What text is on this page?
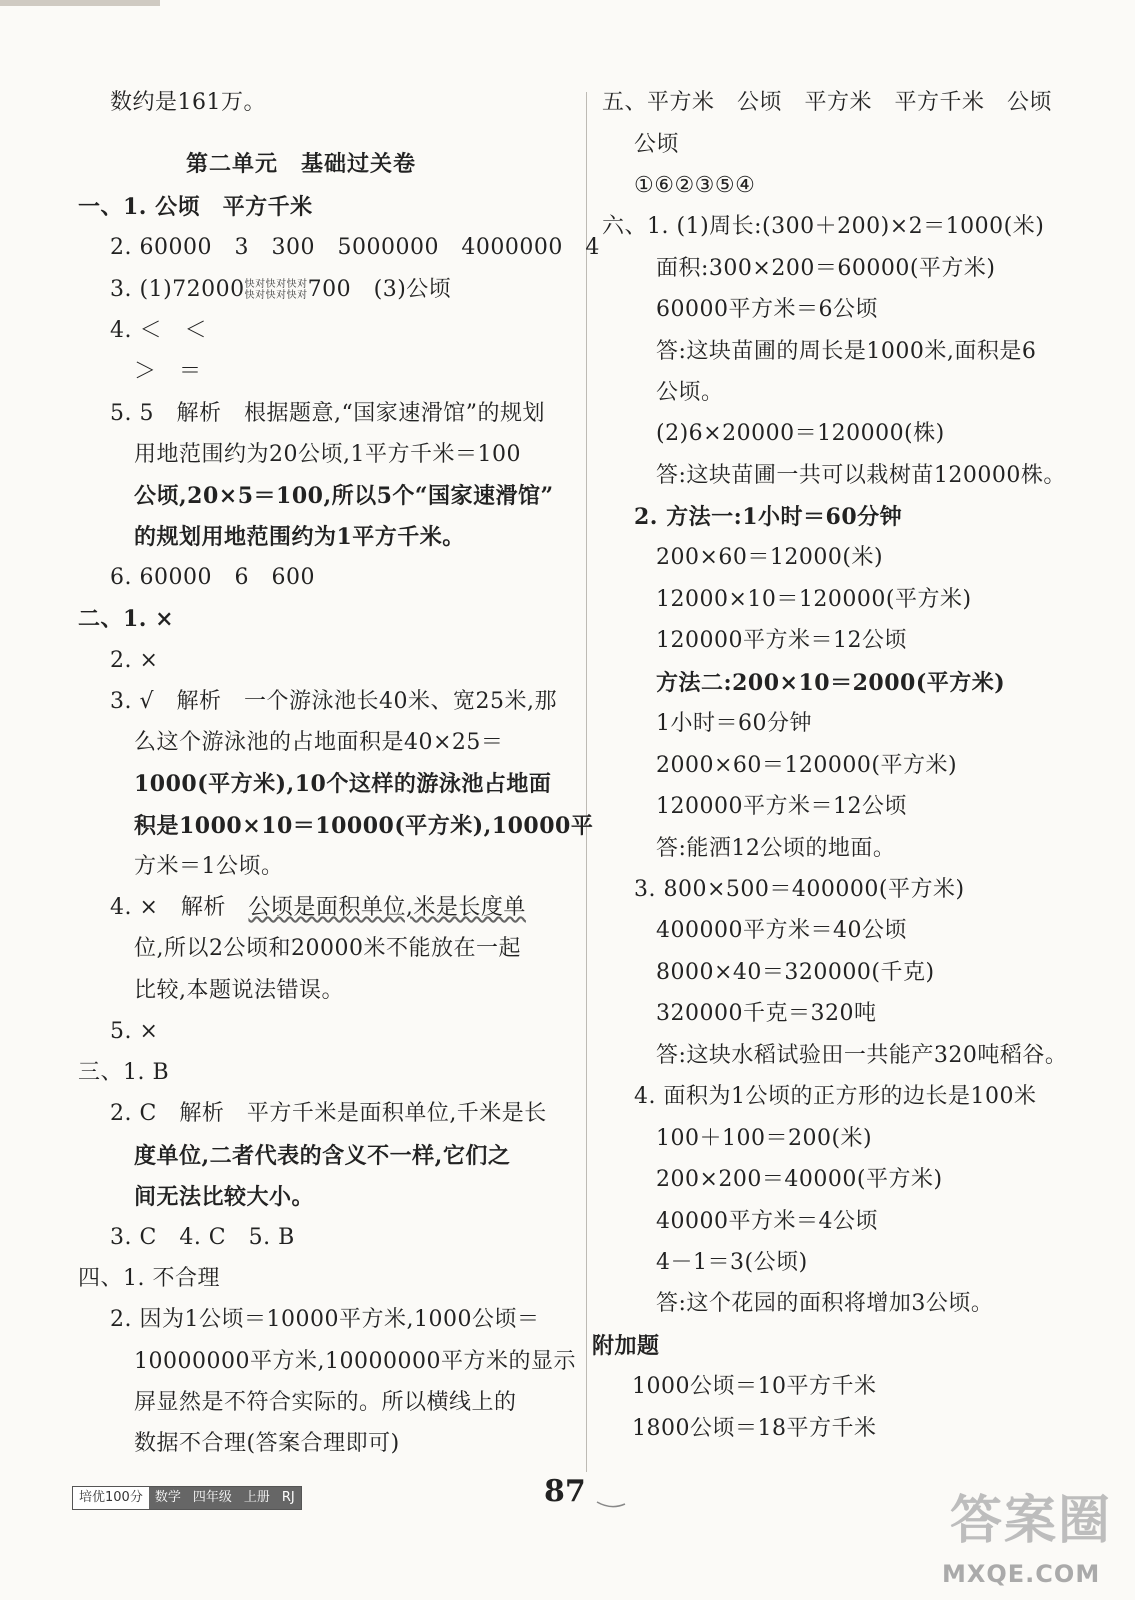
数约是161万。
第二单元　基础过关卷
一、1. 公顷　平方千米
2. 60000　3　300　5000000　4000000　4
3. (1)72000快对快对快对
快对快对快对700　(3)公顷
4. ＜　＜
＞　＝
5. 5　解析　根据题意,“国家速滑馆”的规划
用地范围约为20公顷,1平方千米＝100
公顷,20×5＝100,所以5个“国家速滑馆”
的规划用地范围约为1平方千米。
6. 60000　6　600
二、1. ×
2. ×
3. √　解析　一个游泳池长40米、宽25米,那
么这个游泳池的占地面积是40×25＝
1000(平方米),10个这样的游泳池占地面
积是1000×10＝10000(平方米),10000平
方米＝1公顷。
4. ×　解析　公顷是面积单位,米是长度单
位,所以2公顷和20000米不能放在一起
比较,本题说法错误。
5. ×
三、1. B
2. C　解析　平方千米是面积单位,千米是长
度单位,二者代表的含义不一样,它们之
间无法比较大小。
3. C　4. C　5. B
四、1. 不合理
2. 因为1公顷＝10000平方米,1000公顷＝
10000000平方米,10000000平方米的显示
屏显然是不符合实际的。所以横线上的
数据不合理(答案合理即可)
五、平方米　公顷　平方米　平方千米　公顷
公顷
①⑥②③⑤④
六、1. (1)周长:(300＋200)×2＝1000(米)
面积:300×200＝60000(平方米)
60000平方米＝6公顷
答:这块苗圃的周长是1000米,面积是6
公顷。
(2)6×20000＝120000(株)
答:这块苗圃一共可以栽树苗120000株。
2. 方法一:1小时＝60分钟
200×60＝12000(米)
12000×10＝120000(平方米)
120000平方米＝12公顷
方法二:200×10＝2000(平方米)
1小时＝60分钟
2000×60＝120000(平方米)
120000平方米＝12公顷
答:能洒12公顷的地面。
3. 800×500＝400000(平方米)
400000平方米＝40公顷
8000×40＝320000(千克)
320000千克＝320吨
答:这块水稻试验田一共能产320吨稻谷。
4. 面积为1公顷的正方形的边长是100米
100＋100＝200(米)
200×200＝40000(平方米)
40000平方米＝4公顷
4－1＝3(公顷)
答:这个花园的面积将增加3公顷。
附加题
1000公顷＝10平方千米
1800公顷＝18平方千米
培优100分 数学 四年级 上册 RJ	87	答案圈
MXQE.COM
